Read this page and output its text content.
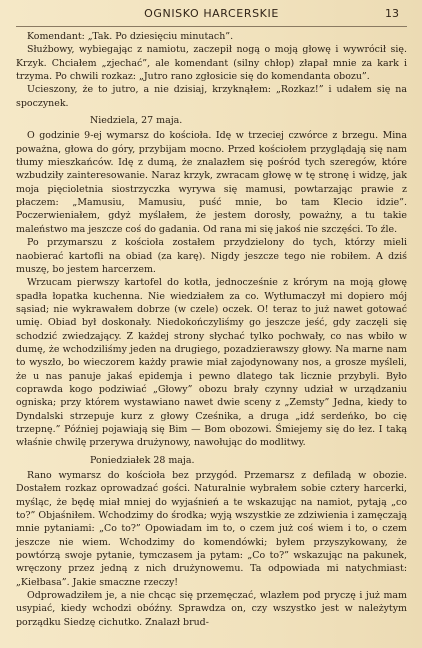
OGNISKO HARCERSKIE	13

Komendant: „Tak. Po dziesięciu minutach”.

Służbowy, wybiegając z namiotu, zaczepił nogą o moją głowę i wywrócił się. Krzyk. Chciałem „zjechać”, ale komendant (silny chłop) złapał mnie za kark i trzyma. Po chwili rozkaz: „Jutro rano zgłosicie się do komendanta obozu”.

Ucieszony, że to jutro, a nie dzisiaj, krzyknąłem: „Rozkaz!” i udałem się na spoczynek.

Niedziela, 27 maja.

O godzinie 9-ej wymarsz do kościoła. Idę w trzeciej czwórce z brzegu. Mina poważna, głowa do góry, przybijam mocno. Przed kościołem przyglądają się nam tłumy mieszkańców. Idę z dumą, że znalazłem się pośród tych szeregów, które wzbudziły zainteresowanie. Naraz krzyk, zwracam głowę w tę stronę i widzę, jak moja pięcioletnia siostrzyczka wyrywa się mamusi, powtarzając prawie z płaczem: „Mamusiu, Mamusiu, puść mnie, bo tam Klecio idzie”. Poczerwieniałem, gdyż myślałem, że jestem dorosły, poważny, a tu takie maleństwo ma jeszcze coś do gadania. Od rana mi się jakoś nie szczęści. To źle.

Po przymarszu z kościoła zostałem przydzielony do tych, którzy mieli naobierać kartofli na obiad (za karę). Nigdy jeszcze tego nie robiłem. A dziś muszę, bo jestem harcerzem.

Wrzucam pierwszy kartofel do kotła, jednocześnie z krórym na moją głowę spadła łopatka kuchenna. Nie wiedziałem za co. Wytłumaczył mi dopiero mój sąsiad; nie wykrawałem dobrze (w czele) oczek. O! teraz to już nawet gotować umię. Obiad był doskonały. Niedokończyliśmy go jeszcze jeść, gdy zaczęli się schodzić zwiedzający. Z każdej strony słychać tylko pochwały, co nas wbiło w dumę, że wchodziliśmy jeden na drugiego, pozadzierawszy głowy. Na marne nam to wyszło, bo wieczorem każdy prawie miał zajodynowany nos, a grosze myśleli, że u nas panuje jakaś epidemja i pewno dlatego tak licznie przybyli. Było coprawda kogo podziwiać „Głowy” obozu brały czynny udział w urządzaniu ogniska; przy którem wystawiano nawet dwie sceny z „Zemsty” Jedna, kiedy to Dyndalski strzepuje kurz z głowy Cześnika, a druga „idź serdeńko, bo cię trzepnę.” Później pojawiają się Bim — Bom obozowi. Śmiejemy się do łez. I taką właśnie chwilę przerywa drużynowy, nawołując do modlitwy.

Poniedziałek 28 maja.

Rano wymarsz do kościoła bez przygód. Przemarsz z defiladą w obozie. Dostałem rozkaz oprowadzać gości. Naturalnie wybrałem sobie cztery harcerki, myśląc, że będę miał mniej do wyjaśnień a te wskazując na namiot, pytają „co to?” Objaśniłem. Wchodzimy do środka; wyją wszystkie ze zdziwienia i zamęczają mnie pytaniami: „Co to?” Opowiadam im to, o czem już coś wiem i to, o czem jeszcze nie wiem. Wchodzimy do komendówki; byłem przyszykowany, że powtórzą swoje pytanie, tymczasem ja pytam: „Co to?” wskazując na pakunek, wręczony przez jedną z nich drużynowemu. Ta odpowiada mi natychmiast: „Kiełbasa”. Jakie smaczne rzeczy!

Odprowadziłem je, a nie chcąc się przemęczać, wlazłem pod pryczę i już mam usypiać, kiedy wchodzi obóźny. Sprawdza on, czy wszystko jest w należytym porządku Siedzę cichutko. Znalazł brud-
